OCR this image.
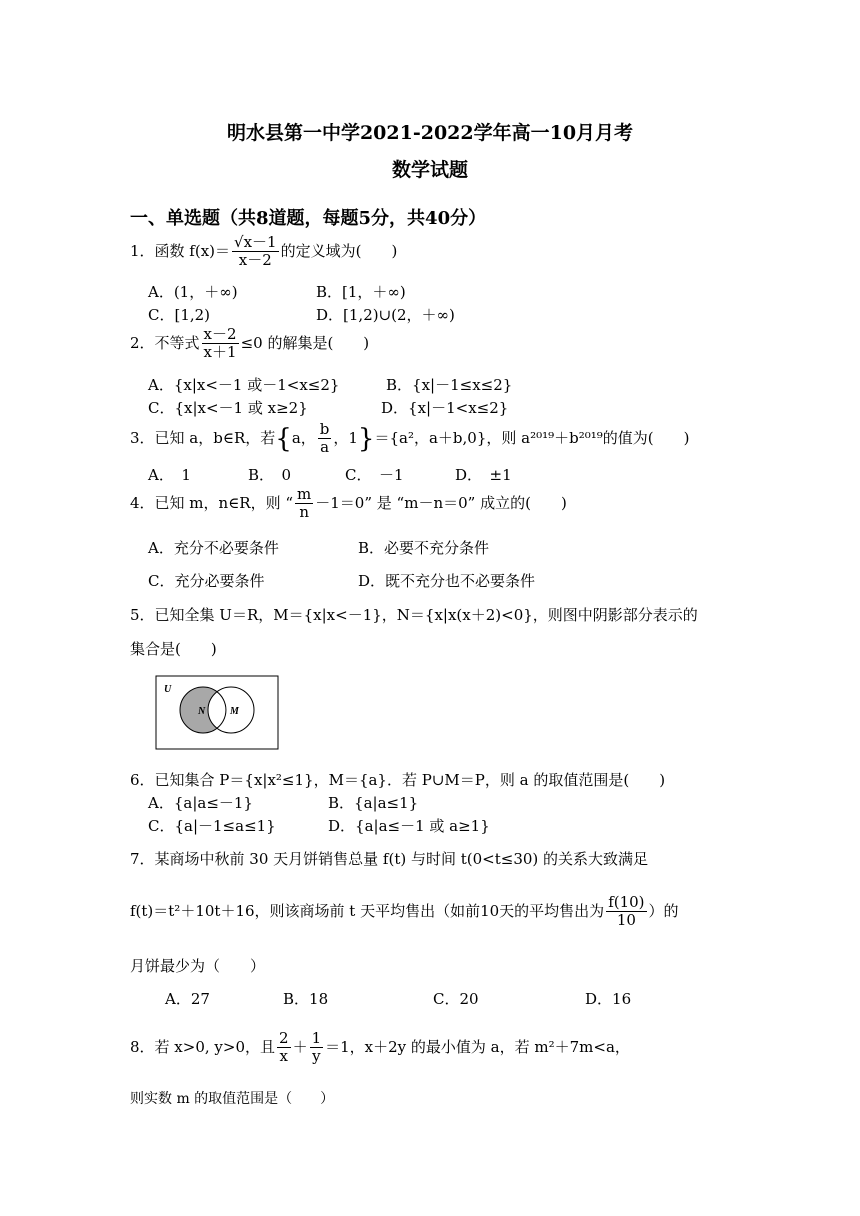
明水县第一中学2021-2022学年高一10月月考
数学试题
一、单选题（共8道题，每题5分，共40分）
1．函数 $f(x)= \frac{√x-1}{x-2}$ 的定义域为(　　)
A．(1，＋∞)	B．[1，＋∞)
C．[1,2)	D．[1,2)∪(2，＋∞)
2．不等式 $\frac{x-2}{x+1} \le 0$ 的解集是(　　)
A．{x|x<－1 或－1<x≤2}	B．{x|－1≤x≤2}
C．{x|x<－1 或 x≥2}	D．{x|－1<x≤2}
3．已知 a，b∈R，若{a， $\frac{b}{a}$ ，1}＝{a²，a＋b,0}，则 a²⁰¹⁹＋b²⁰¹⁹的值为(　　)
A．　1	B．　0	C．　－1	D．　±1
4．已知 m，n∈R，则 “ $\frac{m}{n} -1=0$” 是 “m－n＝0” 成立的(　　)
A．充分不必要条件	B．必要不充分条件
C．充分必要条件	D．既不充分也不必要条件
5．已知全集 U＝R，M＝{x|x<－1}，N＝{x|x(x＋2)<0}，则图中阴影部分表示的
集合是(　　)
U
N M
6．已知集合 P＝{x|x²≤1}，M＝{a}．若 P∪M＝P，则 a 的取值范围是(　　)
A．{a|a≤－1}	B．{a|a≤1}
C．{a|－1≤a≤1}	D．{a|a≤－1 或 a≥1}
7．某商场中秋前 30 天月饼销售总量 f(t) 与时间 t(0<t≤30) 的关系大致满足
f(t)＝t²＋10t＋16，则该商场前 t 天平均售出（如前10天的平均售出为 $\frac{f(10)}{10}$ ）的
月饼最少为（　　）
A．27	B．18	C．20	D．16
8．若 x>0, y>0，且 $\frac{2}{x} + \frac{1}{y} =1$，x＋2y 的最小值为 a，若 m²＋7m<a，
则实数 m 的取值范围是（　　）
